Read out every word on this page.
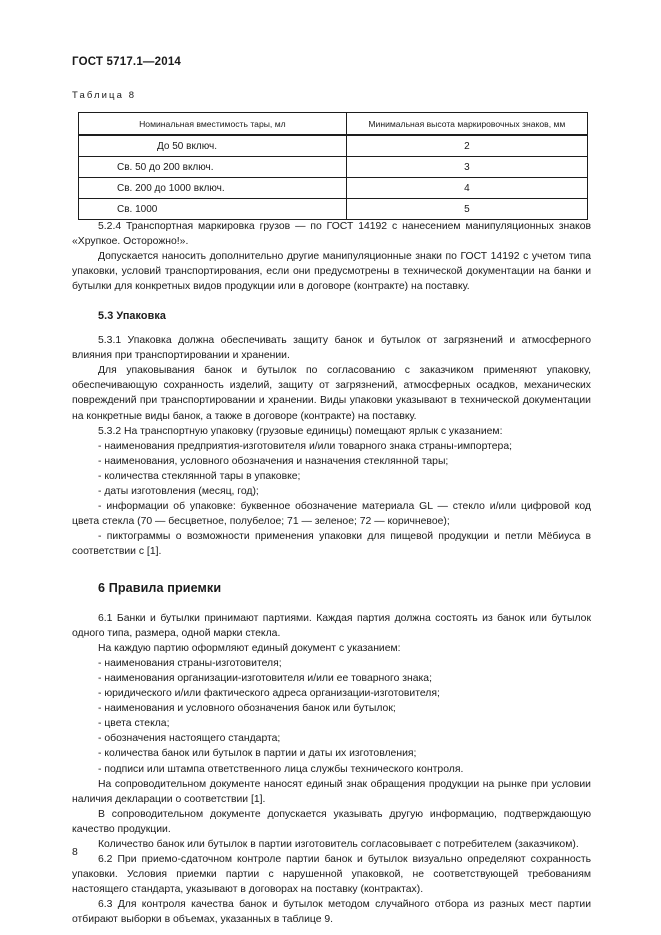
ГОСТ 5717.1—2014
Таблица 8
Номинальная вместимость тары, мл	Минимальная высота маркировочных знаков, мм
До 50 включ.	2
Св. 50 до 200 включ.	3
Св. 200 до 1000 включ.	4
Св. 1000	5

5.2.4 Транспортная маркировка грузов — по ГОСТ 14192 с нанесением манипуляционных знаков «Хрупкое. Осторожно!».

Допускается наносить дополнительно другие манипуляционные знаки по ГОСТ 14192 с учетом типа упаковки, условий транспортирования, если они предусмотрены в технической документации на банки и бутылки для конкретных видов продукции или в договоре (контракте) на поставку.

5.3 Упаковка

5.3.1 Упаковка должна обеспечивать защиту банок и бутылок от загрязнений и атмосферного влияния при транспортировании и хранении.

Для упаковывания банок и бутылок по согласованию с заказчиком применяют упаковку, обеспечивающую сохранность изделий, защиту от загрязнений, атмосферных осадков, механических повреждений при транспортировании и хранении. Виды упаковки указывают в технической документации на конкретные виды банок, а также в договоре (контракте) на поставку.

5.3.2 На транспортную упаковку (грузовые единицы) помещают ярлык с указанием:

- наименования предприятия-изготовителя и/или товарного знака страны-импортера;
- наименования, условного обозначения и назначения стеклянной тары;
- количества стеклянной тары в упаковке;
- даты изготовления (месяц, год);
- информации об упаковке: буквенное обозначение материала GL — стекло и/или цифровой код цвета стекла (70 — бесцветное, полубелое; 71 — зеленое; 72 — коричневое);
- пиктограммы о возможности применения упаковки для пищевой продукции и петли Мёбиуса в соответствии с [1].
6 Правила приемки

6.1 Банки и бутылки принимают партиями. Каждая партия должна состоять из банок или бутылок одного типа, размера, одной марки стекла.

На каждую партию оформляют единый документ с указанием:

- наименования страны-изготовителя;
- наименования организации-изготовителя и/или ее товарного знака;
- юридического и/или фактического адреса организации-изготовителя;
- наименования и условного обозначения банок или бутылок;
- цвета стекла;
- обозначения настоящего стандарта;
- количества банок или бутылок в партии и даты их изготовления;
- подписи или штампа ответственного лица службы технического контроля.

На сопроводительном документе наносят единый знак обращения продукции на рынке при условии наличия декларации о соответствии [1].

В сопроводительном документе допускается указывать другую информацию, подтверждающую качество продукции.

Количество банок или бутылок в партии изготовитель согласовывает с потребителем (заказчиком).

6.2 При приемо-сдаточном контроле партии банок и бутылок визуально определяют сохранность упаковки. Условия приемки партии с нарушенной упаковкой, не соответствующей требованиям настоящего стандарта, указывают в договорах на поставку (контрактах).

6.3 Для контроля качества банок и бутылок методом случайного отбора из разных мест партии отбирают выборки в объемах, указанных в таблице 9.

8
